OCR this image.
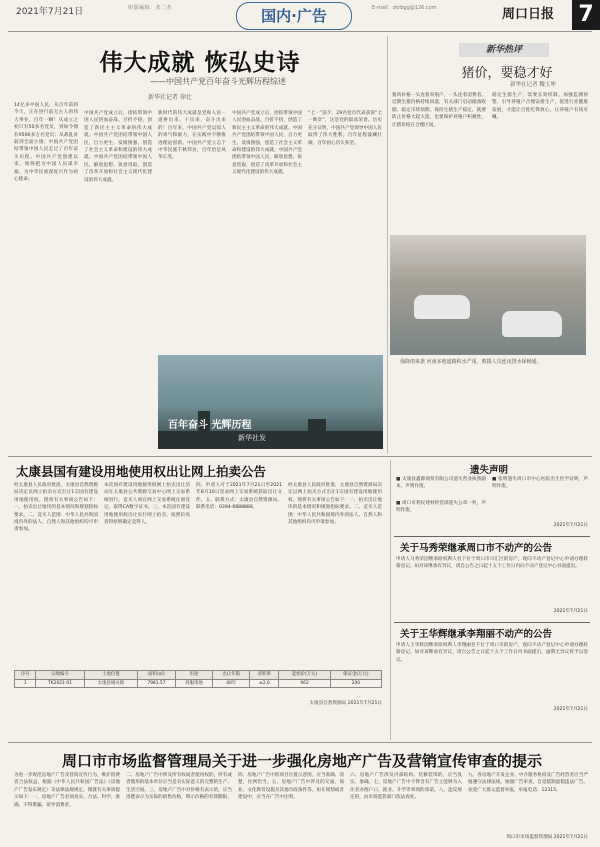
2021年7月21日	组版编辑：张二杰	国内·广告	E-mail：zkrbgg@126.com	周口日报 7
伟大成就 恢弘史诗
——中国共产党百年奋斗光辉历程综述
新华社记者 徐壮
14亿多中国人民，从百年前到今天，正在进行前无古人的伟大事业。百年一瞬！从成立之初只有50多名党员，到如今拥有9500多万名党员；从战乱贫弱到全面小康；中国共产党团结带领中国人民走过了百年奋斗历程。中国共产党创建以来，始终把为中国人民谋幸福、为中华民族谋复兴作为初心使命。
中国共产党成立后，团结带领中国人民浴血奋战、百折不挠，创造了新民主主义革命的伟大成就。中国共产党团结带领中国人民，自力更生、发愤图强，创造了社会主义革命和建设的伟大成就。中国共产党团结带领中国人民，解放思想、锐意进取，创造了改革开放和社会主义现代化建设的伟大成就。
新时代的伟大成就是党和人民一道拼出来、干出来、奋斗出来的！百年来，中国共产党以惊人的勇气和毅力，在实践中不断推进理论创新。中国共产党立志于中华民族千秋伟业，百年恰是风华正茂。
中国共产党成立后，团结带领中国人民浴血奋战、百折不挠，创造了新民主主义革命的伟大成就。中国共产党团结带领中国人民，自力更生、发愤图强，创造了社会主义革命和建设的伟大成就。中国共产党团结带领中国人民，解放思想、锐意进取，创造了改革开放和社会主义现代化建设的伟大成就。
“七一”前夕，29名党员代表获颁“七一勋章”，这是党的最高荣誉。历史充分证明，中国共产党领导中国人民取得了伟大胜利。百年征程波澜壮阔，百年初心历久弥坚。
百年奋斗 光辉历程
新华社发
新华热评
猪价，要稳才好
新华社记者 魏玉坤
猪肉价格一头连着养殖户，一头连着消费者。近期生猪价格持续回落，有关部门启动储备收储，稳定市场预期。保持生猪生产稳定，既要防止价格大起大落，也要保护养殖户积极性，让猪价稳在合理区间。
稳定生猪生产，需要长效机制。加强监测预警，引导养殖户合理安排生产，促进行业健康发展，才能让百姓吃得放心，让养殖户有钱可赚。
强降雨来袭 河南多地道路积水严重，救援人员连夜排水保畅通。
太康县国有建设用地使用权出让网上拍卖公告
经太康县人民政府批准，太康县自然资源局决定以网上拍卖方式出让1宗国有建设用地使用权。现将有关事项公告如下：一、拍卖出让地块的基本情况和规划指标要求。二、竞买人范围：中华人民共和国境内外的法人、自然人和其他组织均可申请参加。
本次国有建设用地使用权网上拍卖出让活动在太康县公共资源交易中心网上交易系统进行。竞买人须在网上交易系统注册登记，取得CA数字证书。三、本次国有建设用地使用权出让实行网上拍卖，按照价高者得原则确定竞得人。
四、申请人可于2021年7月21日至2021年8月10日登录网上交易系统获取出让文件。五、联系方式：太康县自然资源局。联系电话：0394-6888888。
经太康县人民政府批准，太康县自然资源局决定以网上拍卖方式出让1宗国有建设用地使用权。现将有关事项公告如下：一、拍卖出让地块的基本情况和规划指标要求。二、竞买人范围：中华人民共和国境内外的法人、自然人和其他组织均可申请参加。
序号	宗地编号	土地位置	面积(㎡)	用途	出让年限	容积率	起始价(万元)	保证金(万元)
1	TK2021-01	太康县城关镇	7981.57	商服用地	40年	≤2.0	662	200
太康县自然资源局 2021年7月21日
遗失声明
■ 太康县鑫源商贸有限公司遗失营业执照副本，声明作废。
■ 周口市利民建材经营部遗失公章一枚，声明作废。
■ 张明遗失周口市中心医院出生医学证明，声明作废。
2021年7月21日
关于马秀荣继承周口市不动产的公告
申请人马秀荣因继承原权利人名下位于周口市川汇区的房产，现向不动产登记中心申请办理转移登记。如对该继承有异议，请自公告之日起十五个工作日内向不动产登记中心书面提出。
2021年7月21日
关于王华辉继承李翔丽不动产的公告
申请人王华辉因继承原权利人李翔丽名下位于周口市的房产，现向不动产登记中心申请办理转移登记。如对该继承有异议，请自公告之日起十五个工作日内书面提出，逾期无异议将予以登记。
2021年7月21日
周口市市场监督管理局关于进一步强化房地产广告及营销宣传审查的提示
为进一步规范房地产广告及营销宣传行为，维护消费者合法权益，根据《中华人民共和国广告法》《房地产广告发布规定》等法律法规规定，现就有关事项提示如下：一、房地产广告必须真实、合法、科学、准确，不得欺骗、误导消费者。
二、房地产广告中涉及所有权或者使用权的，所有或者使用的基本单位应当是有实际意义的完整的生产、生活空间。三、房地产广告中对价格有表示的，应当清楚表示为实际的销售价格，明示价格的有效期限。
四、房地产广告中的项目位置示意图，应当准确、清楚，比例恰当。五、房地产广告中涉及的交通、商业、文化教育设施及其他市政条件等，如在规划或者建设中，应当在广告中注明。
六、房地产广告涉及内部结构、装修装饰的，应当真实、准确。七、房地产广告中不得含有广告主能够为入住者办理户口、就业、升学等事项的承诺。八、违反规定的，由市场监管部门依法查处。
九、各房地产开发企业、中介服务机构及广告经营者应当严格遵守法律法规，加强广告审查，自觉抵制虚假违法广告。欢迎广大群众监督举报，举报电话：12315。
周口市市场监督管理局 2021年7月21日
